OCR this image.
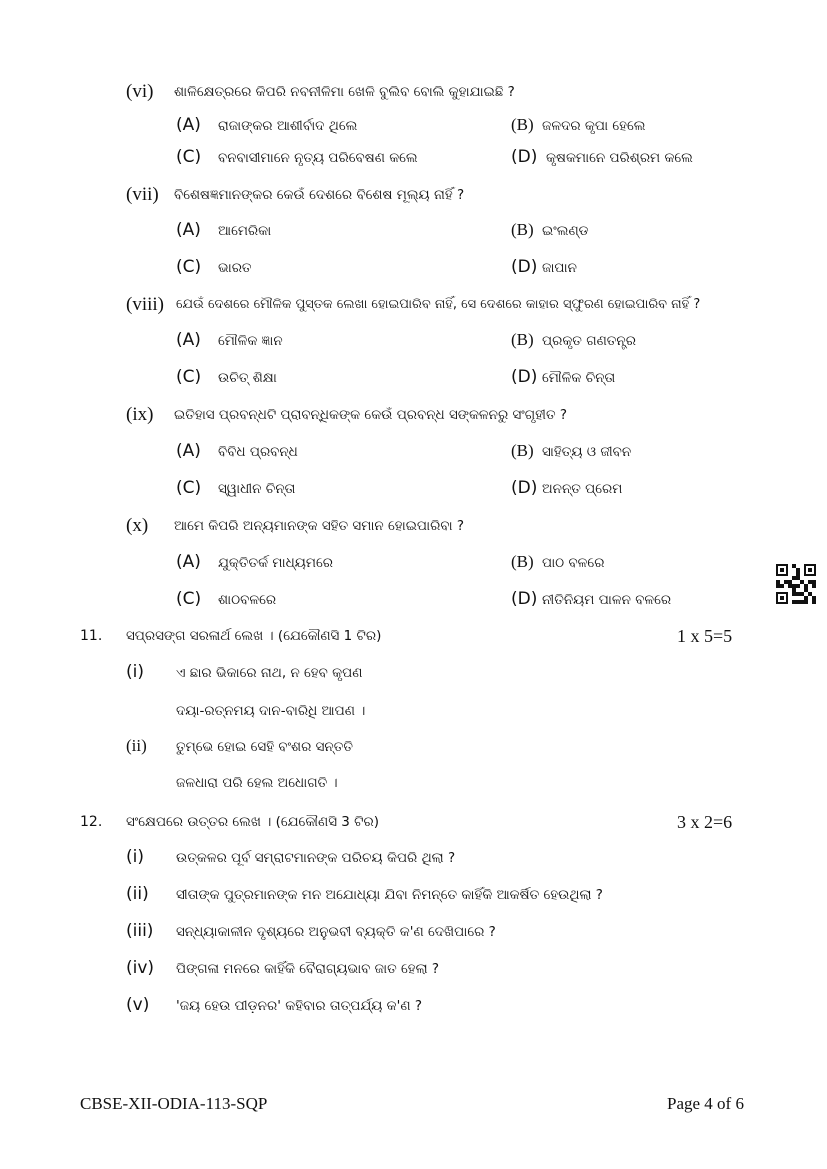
(vi) ଶାଳିକ୍ଷେତ୍ରରେ କିପରି ନବନୀଳିମା ଖେଳି ବୁଲିବ ବୋଲି କୁହାଯାଇଛି ?
(A) ରାଜାଙ୍କର ଆଶୀର୍ବାଦ ଥିଲେ	(B) ଜଳଦର କୃପା ହେଲେ
(C) ବନବାସୀମାନେ ନୃତ୍ୟ ପରିବେଷଣ କଲେ	(D) କୃଷକମାନେ ପରିଶ୍ରମ କଲେ
(vii) ବିଶେଷଜ୍ଞମାନଙ୍କର କେଉଁ ଦେଶରେ ବିଶେଷ ମୂଲ୍ୟ ନାହିଁ ?
(A) ଆମେରିକା	(B) ଇଂଲଣ୍ଡ
(C) ଭାରତ	(D) ଜାପାନ
(viii) ଯେଉଁ ଦେଶରେ ମୌଳିକ ପୁସ୍ତକ ଲେଖା ହୋଇପାରିବ ନାହିଁ, ସେ ଦେଶରେ କାହାର ସ୍ଫୁରଣ ହୋଇପାରିବ ନାହିଁ ?
(A) ମୌଳିକ ଜ୍ଞାନ	(B) ପ୍ରକୃତ ଗଣତନ୍ତ୍ର
(C) ଉଚିତ୍ ଶିକ୍ଷା	(D) ମୌଳିକ ଚିନ୍ତା
(ix) ଇତିହାସ ପ୍ରବନ୍ଧଟି ପ୍ରାବନ୍ଧିକଙ୍କ କେଉଁ ପ୍ରବନ୍ଧ ସଙ୍କଳନରୁ ସଂଗୃହୀତ ?
(A) ବିବିଧ ପ୍ରବନ୍ଧ	(B) ସାହିତ୍ୟ ଓ ଜୀବନ
(C) ସ୍ୱାଧୀନ ଚିନ୍ତା	(D) ଅନନ୍ତ ପ୍ରେମ
(x) ଆମେ କିପରି ଅନ୍ୟମାନଙ୍କ ସହିତ ସମାନ ହୋଇପାରିବା ?
(A) ଯୁକ୍ତିତର୍କ ମାଧ୍ୟମରେ	(B) ପାଠ ବଳରେ
(C) ଶାଠବଳରେ	(D) ନୀତିନିୟମ ପାଳନ ବଳରେ
11. ସପ୍ରସଙ୍ଗ ସରଳାର୍ଥ ଲେଖ । (ଯେକୌଣସି 1 ଟିର)	1 x 5=5
(i) ଏ ଛାର ଭିକାରେ ନାଥ, ନ ହେବ କୃପଣ
ଦୟା-ରତ୍ନମୟ ଦାନ-ବାରିଧି ଆପଣ ।
(ii) ତୁମ୍ଭେ ହୋଇ ସେହି ବଂଶର ସନ୍ତତି
ଜଳଧାରା ପରି ହେଲ ଅଧୋଗତି ।
12. ସଂକ୍ଷେପରେ ଉତ୍ତର ଲେଖ । (ଯେକୌଣସି 3 ଟିର)	3 x 2=6
(i) ଉତ୍କଳର ପୂର୍ବ ସମ୍ରାଟମାନଙ୍କ ପରିଚୟ କିପରି ଥିଲା ?
(ii) ସୀତାଙ୍କ ପୁତ୍ରମାନଙ୍କ ମନ ଅଯୋଧ୍ୟା ଯିବା ନିମନ୍ତେ କାହିଁକି ଆକର୍ଷିତ ହେଉଥିଲା ?
(iii) ସନ୍ଧ୍ୟାକାଳୀନ ଦୃଶ୍ୟରେ ଅନୁଭବୀ ବ୍ୟକ୍ତି କ'ଣ ଦେଖିପାରେ ?
(iv) ପିଙ୍ଗଳା ମନରେ କାହିଁକି ବୈରାଗ୍ୟଭାବ ଜାତ ହେଲା ?
(v) 'ଜୟ ହେଉ ପୀଡ଼ନର' କହିବାର ତାତ୍ପର୍ଯ୍ୟ କ'ଣ ?
CBSE-XII-ODIA-113-SQP	Page 4 of 6
